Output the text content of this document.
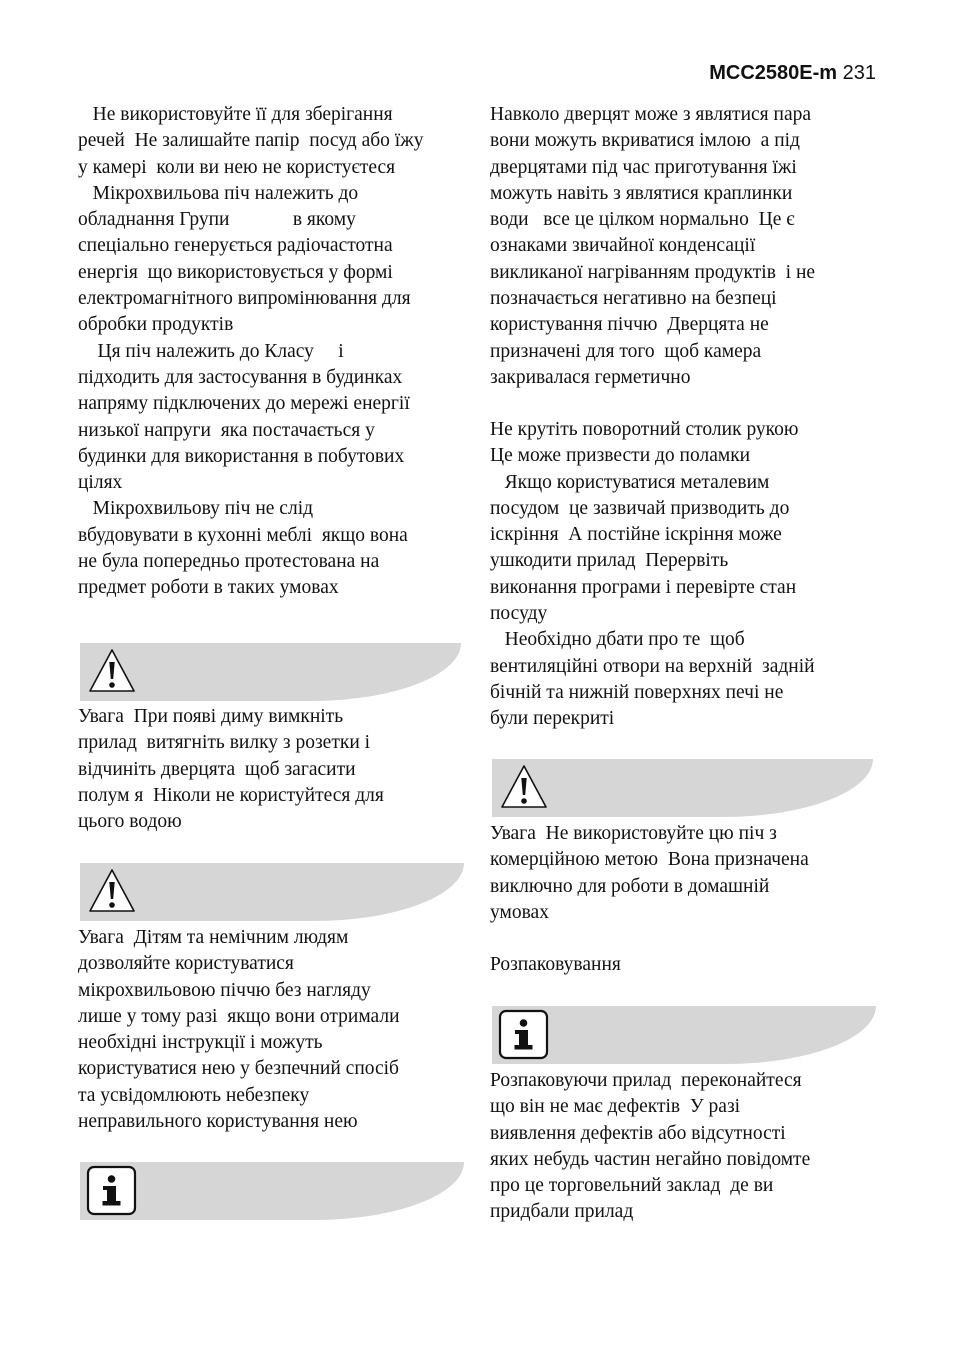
MCC2580E-m 231
Не використовуйте її для зберігання
речей  Не залишайте папір  посуд або їжу
у камері  коли ви нею не користуєтеся
Мікрохвильова піч належить до
обладнання Групи             в якому
спеціально генерується радіочастотна
енергія  що використовується у формі
електромагнітного випромінювання для
обробки продуктів
Ця піч належить до Класу     і
підходить для застосування в будинках
напряму підключених до мережі енергії
низької напруги  яка постачається у
будинки для використання в побутових
цілях
Мікрохвильову піч не слід
вбудовувати в кухонні меблі  якщо вона
не була попередньо протестована на
предмет роботи в таких умовах
Увага  При появі диму вимкніть
прилад  витягніть вилку з розетки і
відчиніть дверцята  щоб загасити
полум я  Ніколи не користуйтеся для
цього водою
Увага  Дітям та немічним людям
дозволяйте користуватися
мікрохвильовою піччю без нагляду
лише у тому разі  якщо вони отримали
необхідні інструкції і можуть
користуватися нею у безпечний спосіб
та усвідомлюють небезпеку
неправильного користування нею
Навколо дверцят може з являтися пара
вони можуть вкриватися імлою  а під
дверцятами під час приготування їжі
можуть навіть з являтися краплинки
води   все це цілком нормально  Це є
ознаками звичайної конденсації
викликаної нагріванням продуктів  і не
позначається негативно на безпеці
користування піччю  Дверцята не
призначені для того  щоб камера
закривалася герметично
Не крутіть поворотний столик рукою
Це може призвести до поламки
Якщо користуватися металевим
посудом  це зазвичай призводить до
іскріння  А постійне іскріння може
ушкодити прилад  Перервіть
виконання програми і перевірте стан
посуду
Необхідно дбати про те  щоб
вентиляційні отвори на верхній  задній
бічній та нижній поверхнях печі не
були перекриті
Увага  Не використовуйте цю піч з
комерційною метою  Вона призначена
виключно для роботи в домашній
умовах
Розпаковування
Розпаковуючи прилад  переконайтеся
що він не має дефектів  У разі
виявлення дефектів або відсутності
яких небудь частин негайно повідомте
про це торговельний заклад  де ви
придбали прилад
